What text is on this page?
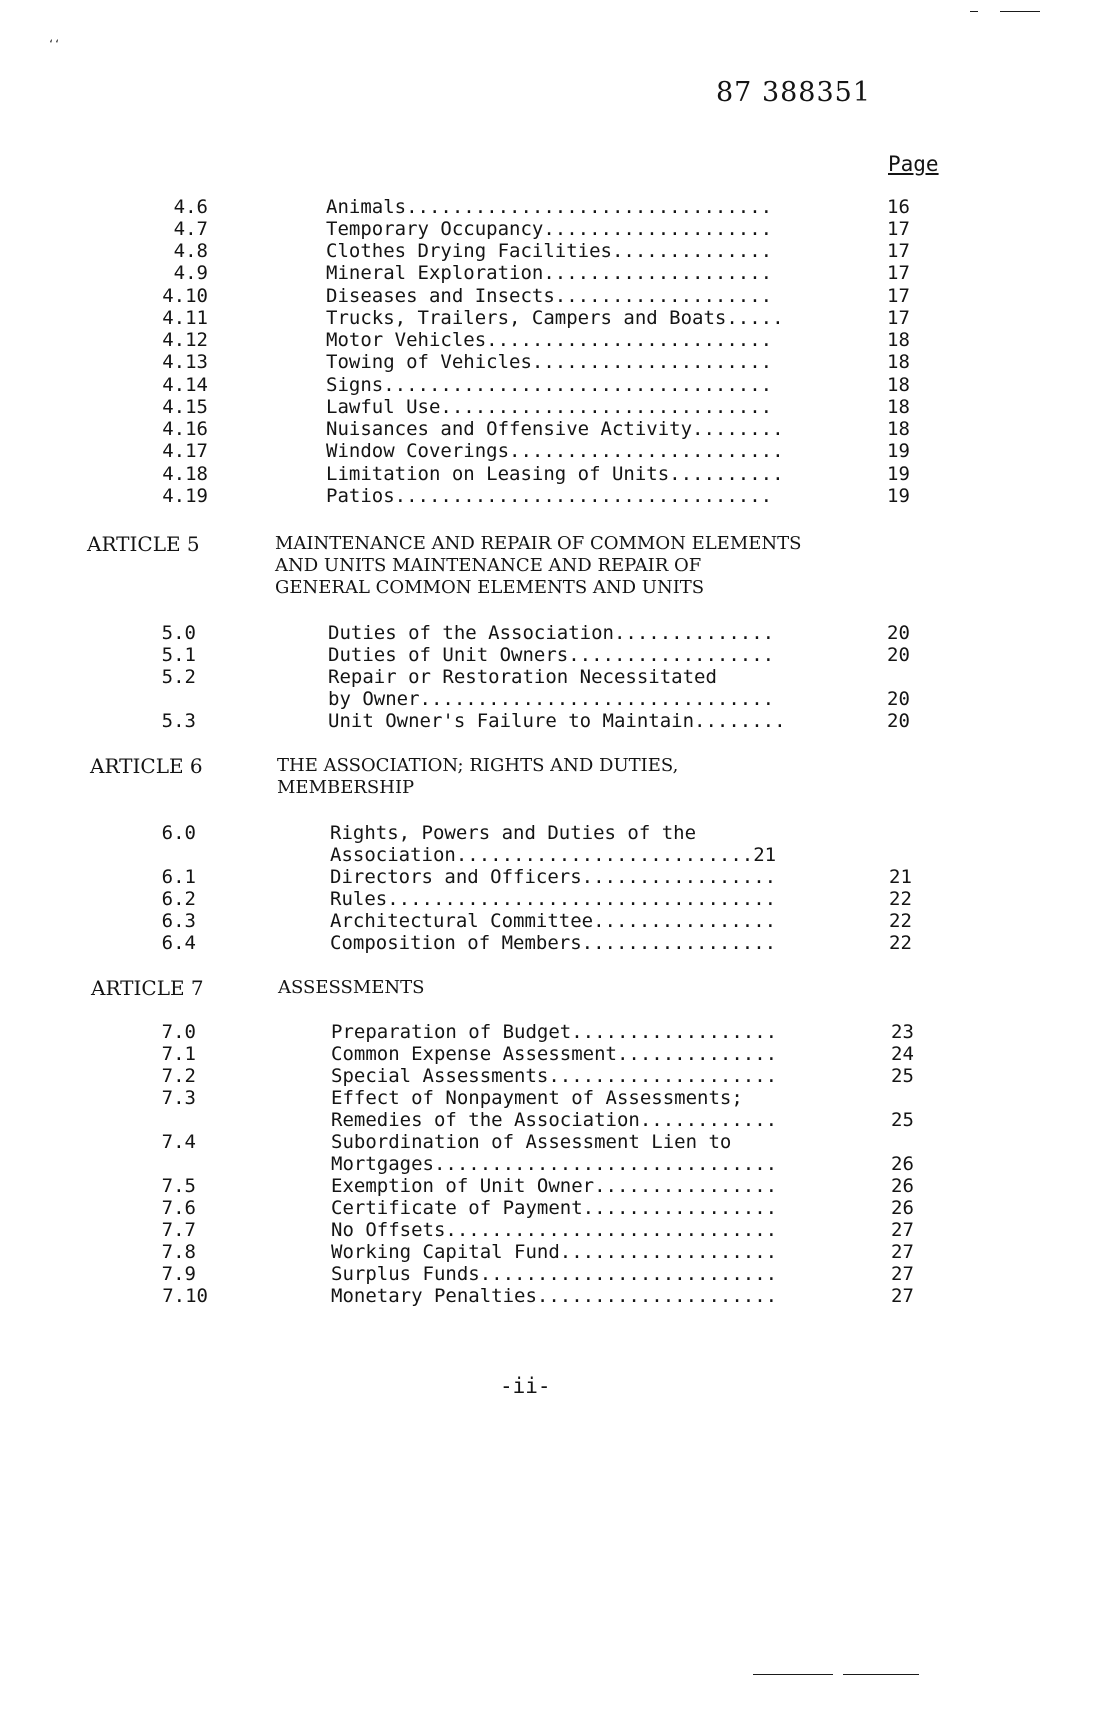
‘‘
87 388351
Page
4.6	Animals................................	16
4.7	Temporary Occupancy....................	17
4.8	Clothes Drying Facilities..............	17
4.9	Mineral Exploration....................	17
4.10	Diseases and Insects...................	17
4.11	Trucks, Trailers, Campers and Boats.....	17
4.12	Motor Vehicles.........................	18
4.13	Towing of Vehicles.....................	18
4.14	Signs..................................	18
4.15	Lawful Use.............................	18
4.16	Nuisances and Offensive Activity........	18
4.17	Window Coverings........................	19
4.18	Limitation on Leasing of Units..........	19
4.19	Patios.................................	19
ARTICLE 5	MAINTENANCE AND REPAIR OF COMMON ELEMENTS
AND UNITS MAINTENANCE AND REPAIR OF
GENERAL COMMON ELEMENTS AND UNITS
5.0	Duties of the Association..............	20
5.1	Duties of Unit Owners..................	20
5.2	Repair or Restoration Necessitated
by Owner...............................	20
5.3	Unit Owner's Failure to Maintain........	20
ARTICLE 6	THE ASSOCIATION; RIGHTS AND DUTIES,
MEMBERSHIP
6.0	Rights, Powers and Duties of the
Association..........................21
6.1	Directors and Officers.................	21
6.2	Rules..................................	22
6.3	Architectural Committee................	22
6.4	Composition of Members.................	22
ARTICLE 7	ASSESSMENTS
7.0	Preparation of Budget..................	23
7.1	Common Expense Assessment..............	24
7.2	Special Assessments....................	25
7.3	Effect of Nonpayment of Assessments;
Remedies of the Association............	25
7.4	Subordination of Assessment Lien to
Mortgages..............................	26
7.5	Exemption of Unit Owner................	26
7.6	Certificate of Payment.................	26
7.7	No Offsets.............................	27
7.8	Working Capital Fund...................	27
7.9	Surplus Funds..........................	27
7.10	Monetary Penalties.....................	27
-ii-
